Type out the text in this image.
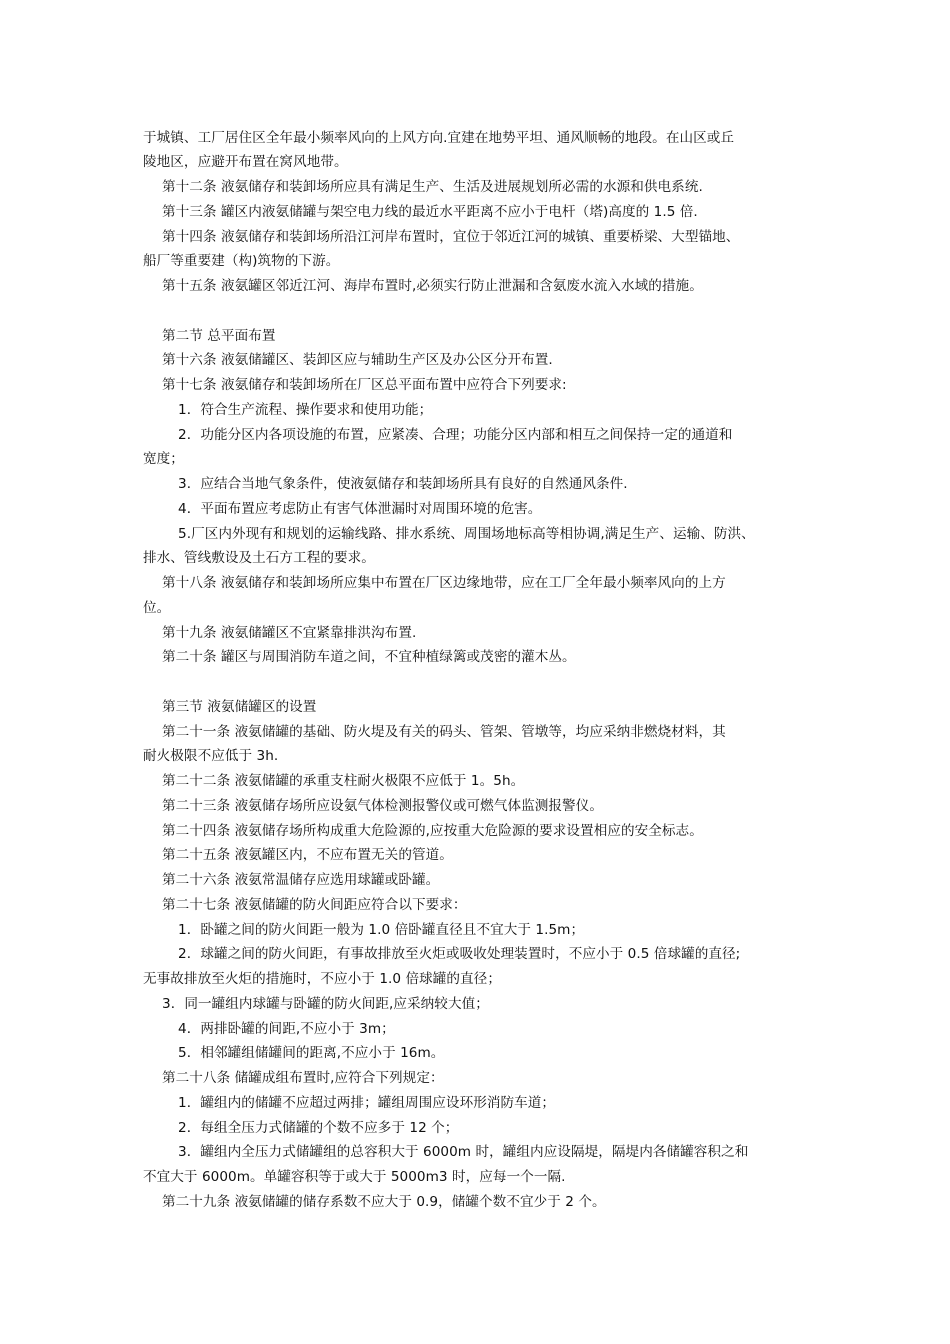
于城镇、工厂居住区全年最小频率风向的上风方向.宜建在地势平坦、通风顺畅的地段。在山区或丘
陵地区，应避开布置在窝风地带。
第十二条 液氨储存和装卸场所应具有满足生产、生活及进展规划所必需的水源和供电系统.
第十三条 罐区内液氨储罐与架空电力线的最近水平距离不应小于电杆（塔)高度的 1.5 倍.
第十四条 液氨储存和装卸场所沿江河岸布置时，宜位于邻近江河的城镇、重要桥梁、大型锚地、
船厂等重要建（构)筑物的下游。
第十五条 液氨罐区邻近江河、海岸布置时,必须实行防止泄漏和含氨废水流入水域的措施。
第二节 总平面布置
第十六条 液氨储罐区、装卸区应与辅助生产区及办公区分开布置.
第十七条 液氨储存和装卸场所在厂区总平面布置中应符合下列要求:
1．符合生产流程、操作要求和使用功能；
2．功能分区内各项设施的布置，应紧凑、合理；功能分区内部和相互之间保持一定的通道和
宽度；
3．应结合当地气象条件，使液氨储存和装卸场所具有良好的自然通风条件.
4．平面布置应考虑防止有害气体泄漏时对周围环境的危害。
5.厂区内外现有和规划的运输线路、排水系统、周围场地标高等相协调,满足生产、运输、防洪、
排水、管线敷设及土石方工程的要求。
第十八条 液氨储存和装卸场所应集中布置在厂区边缘地带，应在工厂全年最小频率风向的上方
位。
第十九条 液氨储罐区不宜紧靠排洪沟布置.
第二十条 罐区与周围消防车道之间，不宜种植绿篱或茂密的灌木丛。
第三节 液氨储罐区的设置
第二十一条 液氨储罐的基础、防火堤及有关的码头、管架、管墩等，均应采纳非燃烧材料，其
耐火极限不应低于 3h.
第二十二条 液氨储罐的承重支柱耐火极限不应低于 1。5h。
第二十三条 液氨储存场所应设氨气体检测报警仪或可燃气体监测报警仪。
第二十四条 液氨储存场所构成重大危险源的,应按重大危险源的要求设置相应的安全标志。
第二十五条 液氨罐区内，不应布置无关的管道。
第二十六条 液氨常温储存应选用球罐或卧罐。
第二十七条 液氨储罐的防火间距应符合以下要求：
1．卧罐之间的防火间距一般为 1.0 倍卧罐直径且不宜大于 1.5m；
2．球罐之间的防火间距，有事故排放至火炬或吸收处理装置时，不应小于 0.5 倍球罐的直径;
无事故排放至火炬的措施时，不应小于 1.0 倍球罐的直径；
3．同一罐组内球罐与卧罐的防火间距,应采纳较大值；
4．两排卧罐的间距,不应小于 3m；
5．相邻罐组储罐间的距离,不应小于 16m。
第二十八条 储罐成组布置时,应符合下列规定：
1．罐组内的储罐不应超过两排；罐组周围应设环形消防车道；
2．每组全压力式储罐的个数不应多于 12 个；
3．罐组内全压力式储罐组的总容积大于 6000m 时，罐组内应设隔堤，隔堤内各储罐容积之和
不宜大于 6000m。单罐容积等于或大于 5000m3 时，应每一个一隔.
第二十九条 液氨储罐的储存系数不应大于 0.9，储罐个数不宜少于 2 个。
